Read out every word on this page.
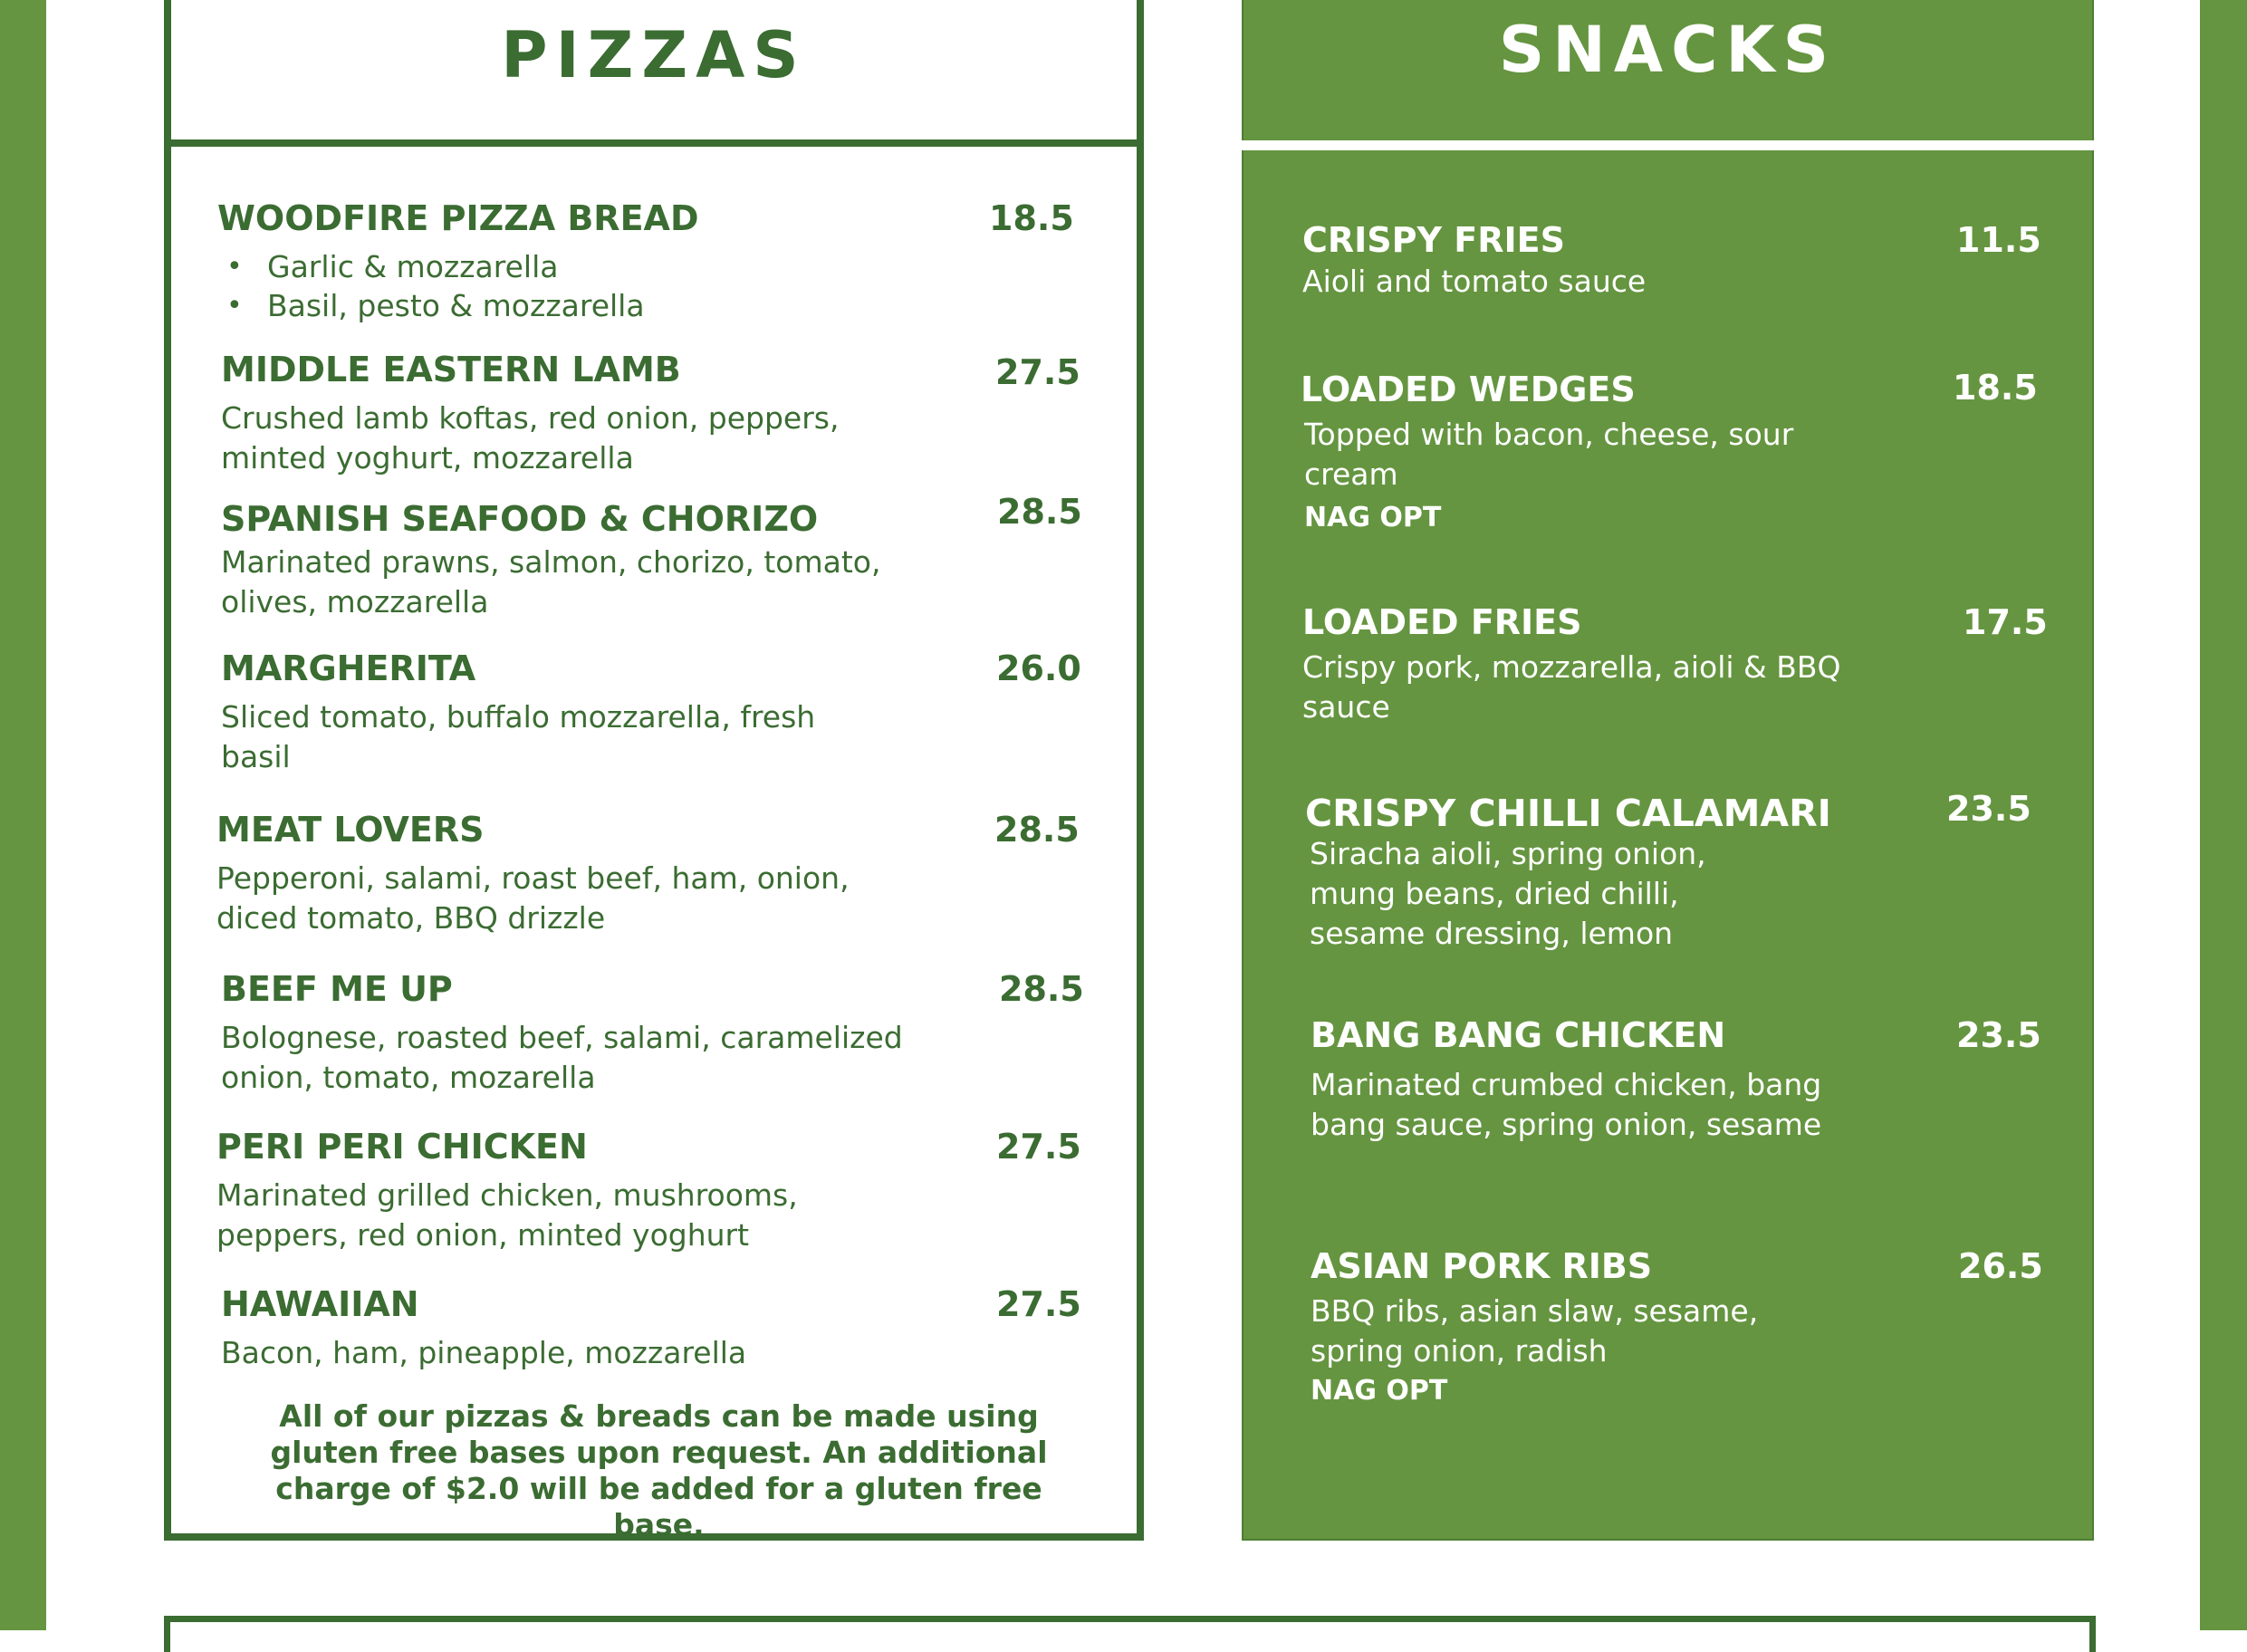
PIZZAS
WOODFIRE PIZZA BREAD	18.5
• Garlic & mozzarella
• Basil, pesto & mozzarella
MIDDLE EASTERN LAMB	27.5

Crushed lamb koftas, red onion, peppers, minted yoghurt, mozzarella

SPANISH SEAFOOD & CHORIZO	28.5

Marinated prawns, salmon, chorizo, tomato, olives, mozzarella

MARGHERITA	26.0

Sliced tomato, buffalo mozzarella, fresh basil

MEAT LOVERS	28.5

Pepperoni, salami, roast beef, ham, onion, diced tomato, BBQ drizzle

BEEF ME UP	28.5

Bolognese, roasted beef, salami, caramelized onion, tomato, mozarella

PERI PERI CHICKEN	27.5

Marinated grilled chicken, mushrooms, peppers, red onion, minted yoghurt

HAWAIIAN	27.5

Bacon, ham, pineapple, mozzarella

All of our pizzas & breads can be made using gluten free bases upon request. An additional charge of $2.0 will be added for a gluten free base.

SNACKS
CRISPY FRIES	11.5

Aioli and tomato sauce

LOADED WEDGES	18.5

Topped with bacon, cheese, sour cream

NAG OPT
LOADED FRIES	17.5

Crispy pork, mozzarella, aioli & BBQ sauce

CRISPY CHILLI CALAMARI	23.5

Siracha aioli, spring onion, mung beans, dried chilli, sesame dressing, lemon

BANG BANG CHICKEN	23.5

Marinated crumbed chicken, bang bang sauce, spring onion, sesame

ASIAN PORK RIBS	26.5

BBQ ribs, asian slaw, sesame, spring onion, radish

NAG OPT
